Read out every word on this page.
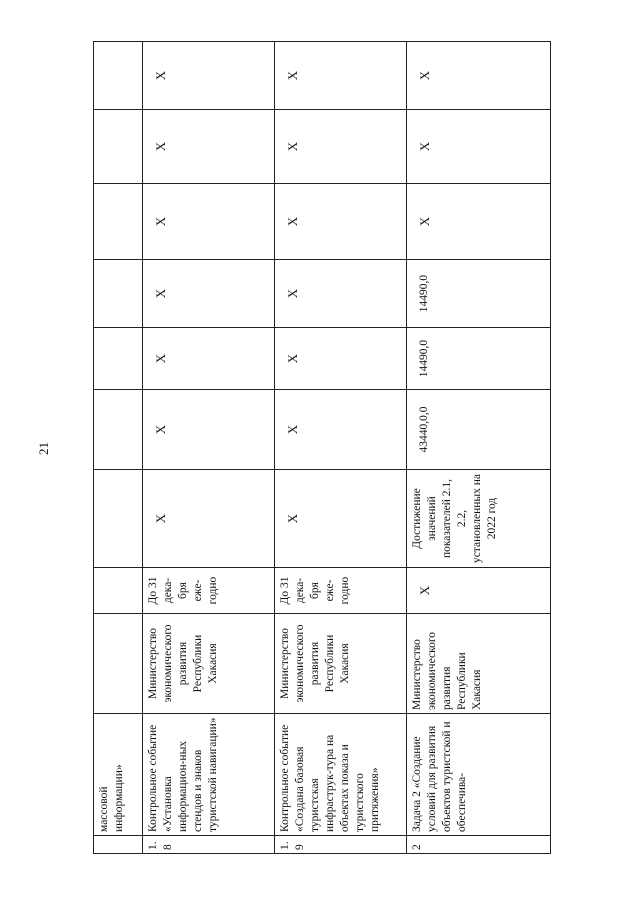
21
	массовой информации»									
1.8	Контрольное событие «Установка информацион-ных стендов и знаков туристской навигации»	Министерство экономического развития Республики Хакасия	До 31 дека-бря еже-годно	X	X	X	X	X	X	X
1.9	Контрольное событие «Создана базовая туристская инфраструк-тура на объектах показа и туристского притяжения»	Министерство экономического развития Республики Хакасия	До 31 дека-бря еже-годно	X	X	X	X	X	X	X
2	Задача 2 «Создание условий для развития объектов туристской и обеспечива-	Министерство экономического развития Республики Хакасия	X	Достижение значений показателей 2.1, 2.2, установленных на 2022 год	43440,0,0	14490,0	14490,0	X	X	X
